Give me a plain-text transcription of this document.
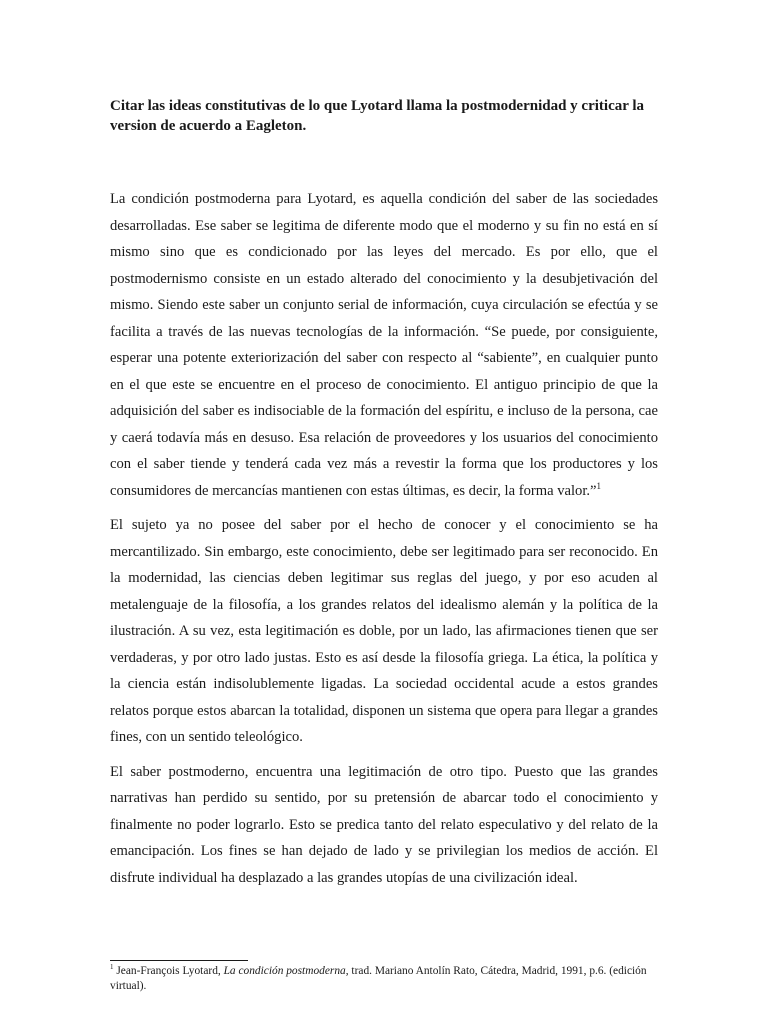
Citar las ideas constitutivas de lo que Lyotard llama la postmodernidad y criticar la version de acuerdo a Eagleton.

La condición postmoderna para Lyotard, es aquella condición del saber de las sociedades desarrolladas. Ese saber se legitima de diferente modo que el moderno y su fin no está en sí mismo sino que es condicionado por las leyes del mercado. Es por ello, que el postmodernismo consiste en un estado alterado del conocimiento y la desubjetivación del mismo. Siendo este saber un conjunto serial de información, cuya circulación se efectúa y se facilita a través de las nuevas tecnologías de la información. “Se puede, por consiguiente, esperar una potente exteriorización del saber con respecto al “sabiente”, en cualquier punto en el que este se encuentre en el proceso de conocimiento. El antiguo principio de que la adquisición del saber es indisociable de la formación del espíritu, e incluso de la persona, cae y caerá todavía más en desuso. Esa relación de proveedores y los usuarios del conocimiento con el saber tiende y tenderá cada vez más a revestir la forma que los productores y los consumidores de mercancías mantienen con estas últimas, es decir, la forma valor.”$^1$

El sujeto ya no posee del saber por el hecho de conocer y el conocimiento se ha mercantilizado. Sin embargo, este conocimiento, debe ser legitimado para ser reconocido. En la modernidad, las ciencias deben legitimar sus reglas del juego, y por eso acuden al metalenguaje de la filosofía, a los grandes relatos del idealismo alemán y la política de la ilustración. A su vez, esta legitimación es doble, por un lado, las afirmaciones tienen que ser verdaderas, y por otro lado justas. Esto es así desde la filosofía griega. La ética, la política y la ciencia están indisolublemente ligadas. La sociedad occidental acude a estos grandes relatos porque estos abarcan la totalidad, disponen un sistema que opera para llegar a grandes fines, con un sentido teleológico.

El saber postmoderno, encuentra una legitimación de otro tipo. Puesto que las grandes narrativas han perdido su sentido, por su pretensión de abarcar todo el conocimiento y finalmente no poder lograrlo. Esto se predica tanto del relato especulativo y del relato de la emancipación. Los fines se han dejado de lado y se privilegian los medios de acción. El disfrute individual ha desplazado a las grandes utopías de una civilización ideal.

$^1$ Jean-François Lyotard, La condición postmoderna, trad. Mariano Antolín Rato, Cátedra, Madrid, 1991, p.6. (edición virtual).
